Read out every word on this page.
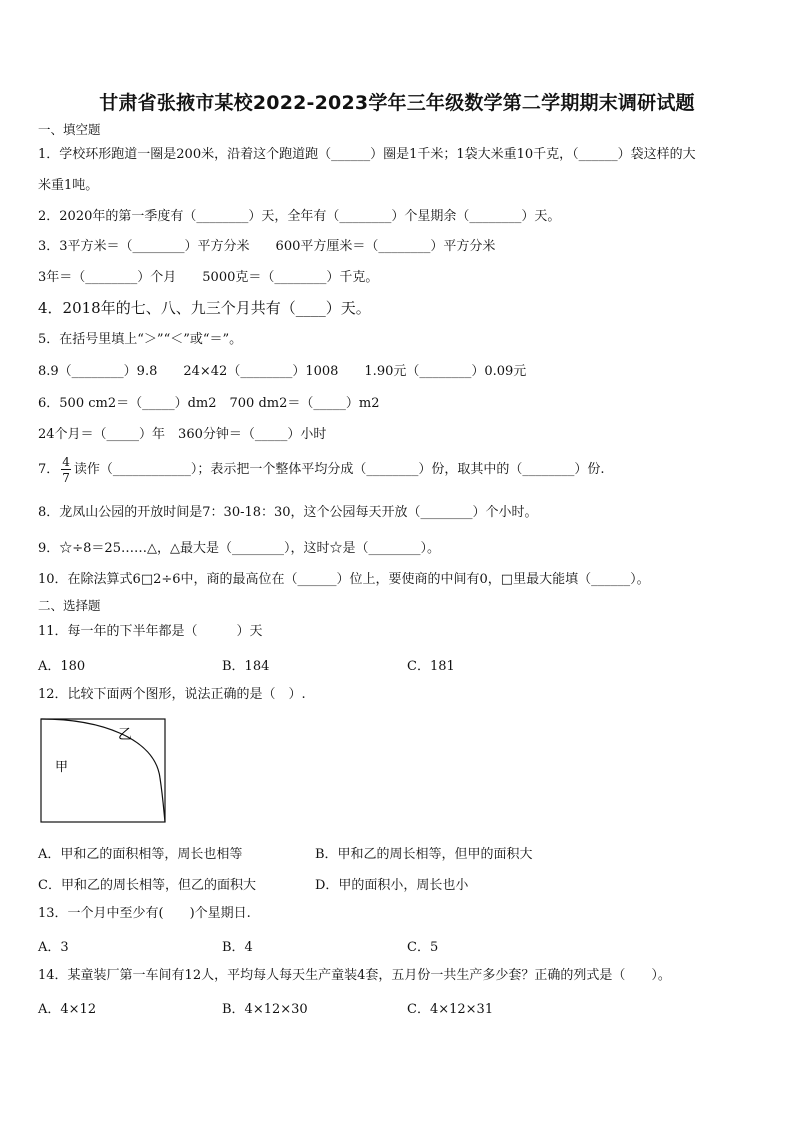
甘肃省张掖市某校2022-2023学年三年级数学第二学期期末调研试题
一、填空题
1．学校环形跑道一圈是200米，沿着这个跑道跑（______）圈是1千米；1袋大米重10千克，（______）袋这样的大
米重1吨。
2．2020年的第一季度有（________）天，全年有（________）个星期余（________）天。
3．3平方米＝（________）平方分米　　600平方厘米＝（________）平方分米
3年＝（________）个月　　5000克＝（________）千克。
4．2018年的七、八、九三个月共有（____）天。
5．在括号里填上“＞”“＜”或“＝”。
8.9（________）9.8　　24×42（________）1008　　1.90元（________）0.09元
6．500 cm2＝（_____）dm2　700 dm2＝（_____）m2
24个月＝（_____）年　360分钟＝（_____）小时
7． $\frac{4}{7}$ 读作（____________）；表示把一个整体平均分成（________）份，取其中的（________）份.
8．龙凤山公园的开放时间是7：30-18：30，这个公园每天开放（________）个小时。
9．☆÷8＝25……△，△最大是（________），这时☆是（________）。
10．在除法算式6□2÷6中，商的最高位在（______）位上，要使商的中间有0，□里最大能填（______）。
二、选择题
11．每一年的下半年都是（　　　）天
A．180	B．184	C．181
12．比较下面两个图形，说法正确的是（　）.
乙
甲
A．甲和乙的面积相等，周长也相等	B．甲和乙的周长相等，但甲的面积大
C．甲和乙的周长相等，但乙的面积大	D．甲的面积小，周长也小
13．一个月中至少有(　　)个星期日.
A．3	B．4	C．5
14．某童装厂第一车间有12人，平均每人每天生产童装4套，五月份一共生产多少套？正确的列式是（　　）。
A．4×12	B．4×12×30	C．4×12×31
